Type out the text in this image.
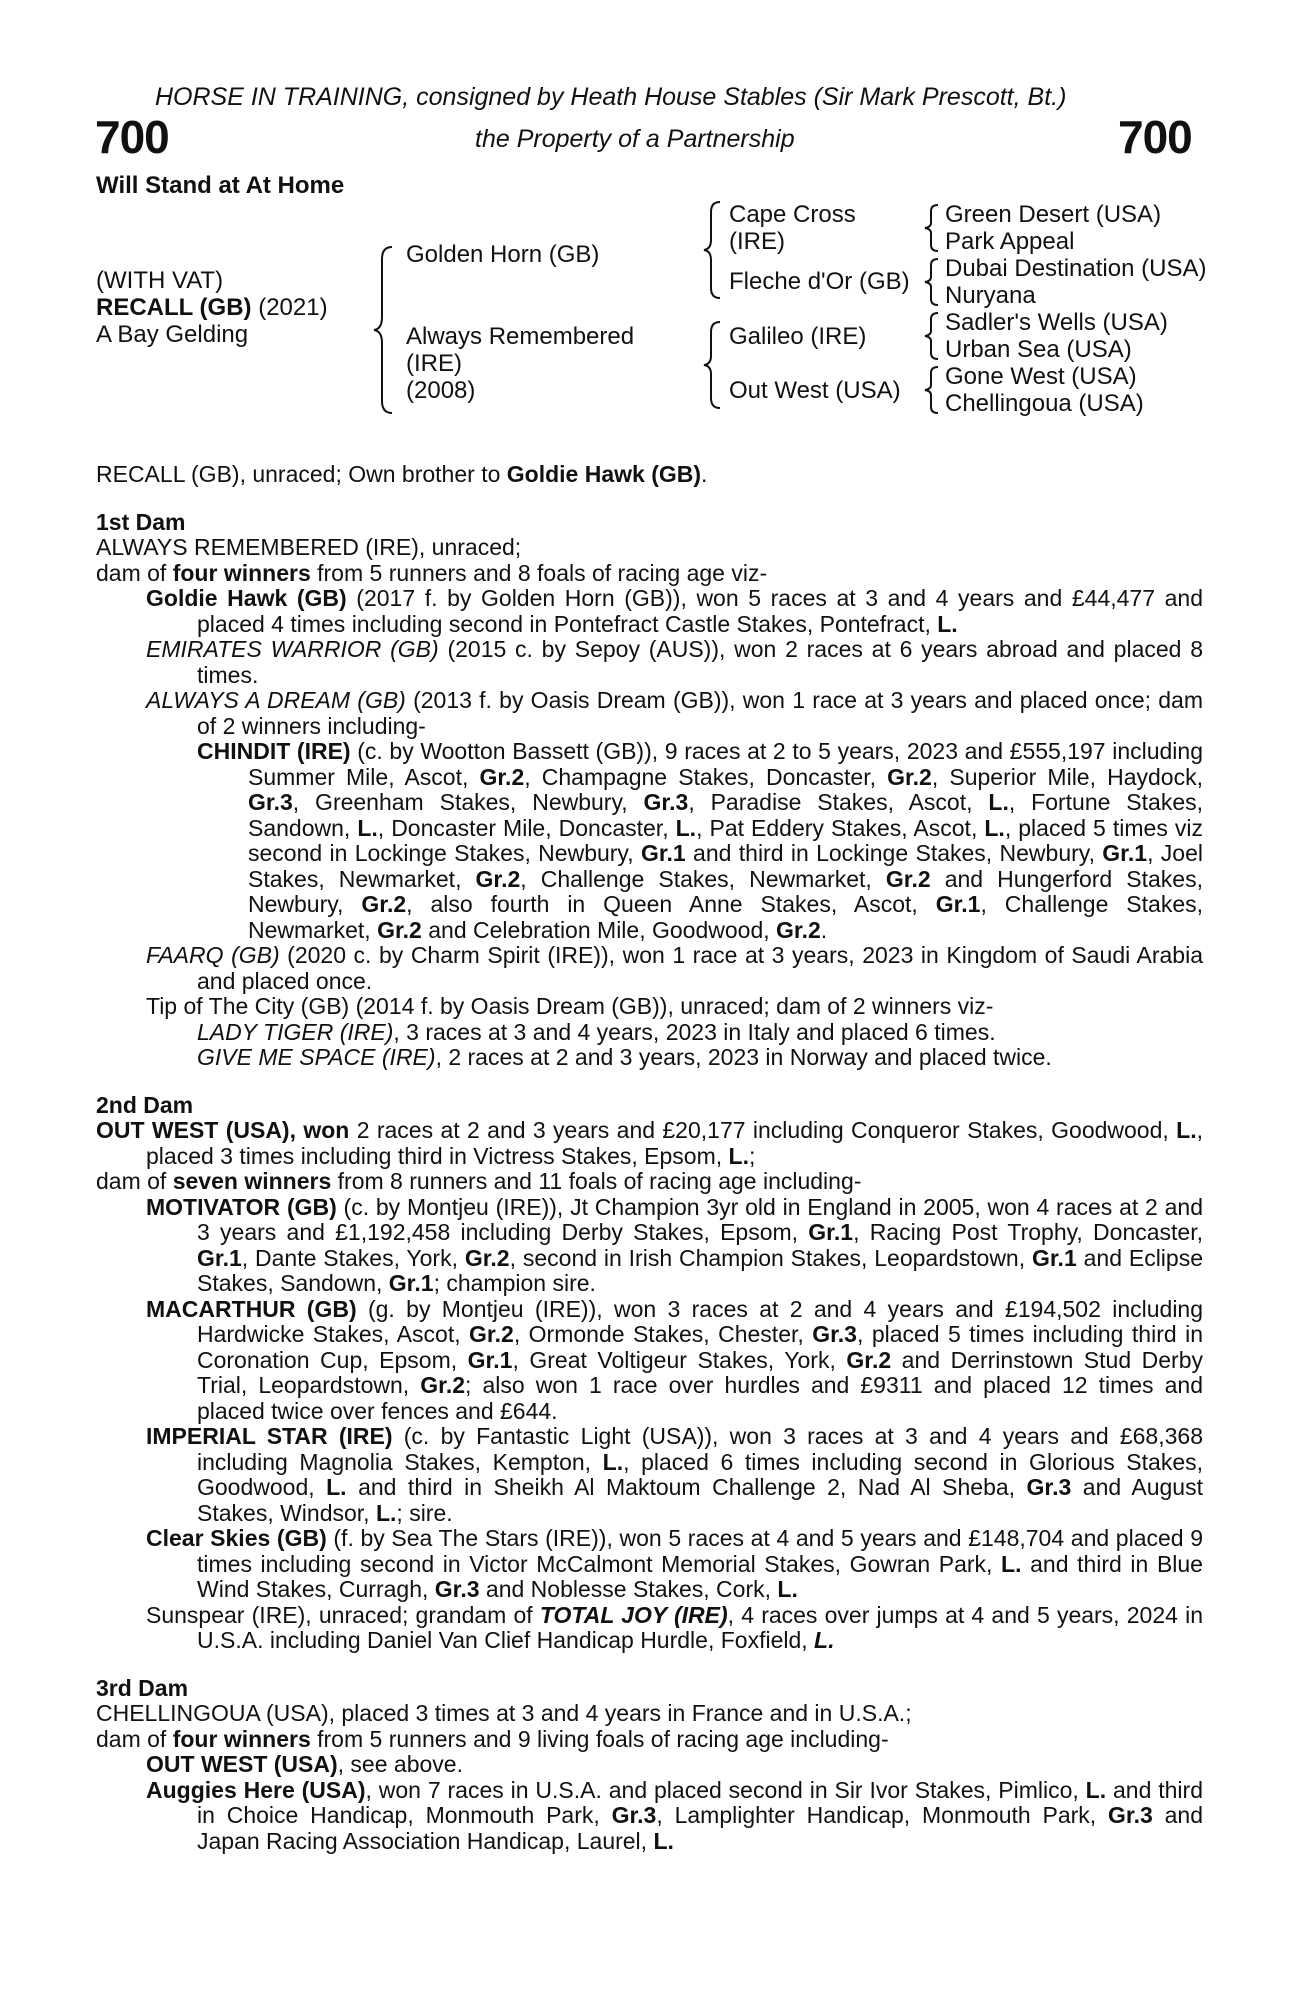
HORSE IN TRAINING, consigned by Heath House Stables (Sir Mark Prescott, Bt.)
700	the Property of a Partnership	700
Will Stand at At Home
(WITH VAT)
RECALL (GB) (2021)
A Bay Gelding
Golden Horn (GB)
Always Remembered
(IRE)
(2008)
Cape Cross
(IRE)
Fleche d'Or (GB)
Galileo (IRE)
Out West (USA)
Green Desert (USA)
Park Appeal
Dubai Destination (USA)
Nuryana
Sadler's Wells (USA)
Urban Sea (USA)
Gone West (USA)
Chellingoua (USA)

RECALL (GB), unraced; Own brother to Goldie Hawk (GB).

1st Dam

ALWAYS REMEMBERED (IRE), unraced;

dam of four winners from 5 runners and 8 foals of racing age viz-

Goldie Hawk (GB) (2017 f. by Golden Horn (GB)), won 5 races at 3 and 4 years and £44,477 and placed 4 times including second in Pontefract Castle Stakes, Pontefract, L.

EMIRATES WARRIOR (GB) (2015 c. by Sepoy (AUS)), won 2 races at 6 years abroad and placed 8 times.

ALWAYS A DREAM (GB) (2013 f. by Oasis Dream (GB)), won 1 race at 3 years and placed once; dam of 2 winners including-

CHINDIT (IRE) (c. by Wootton Bassett (GB)), 9 races at 2 to 5 years, 2023 and £555,197 including Summer Mile, Ascot, Gr.2, Champagne Stakes, Doncaster, Gr.2, Superior Mile, Haydock, Gr.3, Greenham Stakes, Newbury, Gr.3, Paradise Stakes, Ascot, L., Fortune Stakes, Sandown, L., Doncaster Mile, Doncaster, L., Pat Eddery Stakes, Ascot, L., placed 5 times viz second in Lockinge Stakes, Newbury, Gr.1 and third in Lockinge Stakes, Newbury, Gr.1, Joel Stakes, Newmarket, Gr.2, Challenge Stakes, Newmarket, Gr.2 and Hungerford Stakes, Newbury, Gr.2, also fourth in Queen Anne Stakes, Ascot, Gr.1, Challenge Stakes, Newmarket, Gr.2 and Celebration Mile, Goodwood, Gr.2.

FAARQ (GB) (2020 c. by Charm Spirit (IRE)), won 1 race at 3 years, 2023 in Kingdom of Saudi Arabia and placed once.

Tip of The City (GB) (2014 f. by Oasis Dream (GB)), unraced; dam of 2 winners viz-

LADY TIGER (IRE), 3 races at 3 and 4 years, 2023 in Italy and placed 6 times.

GIVE ME SPACE (IRE), 2 races at 2 and 3 years, 2023 in Norway and placed twice.

2nd Dam

OUT WEST (USA), won 2 races at 2 and 3 years and £20,177 including Conqueror Stakes, Goodwood, L., placed 3 times including third in Victress Stakes, Epsom, L.;

dam of seven winners from 8 runners and 11 foals of racing age including-

MOTIVATOR (GB) (c. by Montjeu (IRE)), Jt Champion 3yr old in England in 2005, won 4 races at 2 and 3 years and £1,192,458 including Derby Stakes, Epsom, Gr.1, Racing Post Trophy, Doncaster, Gr.1, Dante Stakes, York, Gr.2, second in Irish Champion Stakes, Leopardstown, Gr.1 and Eclipse Stakes, Sandown, Gr.1; champion sire.

MACARTHUR (GB) (g. by Montjeu (IRE)), won 3 races at 2 and 4 years and £194,502 including Hardwicke Stakes, Ascot, Gr.2, Ormonde Stakes, Chester, Gr.3, placed 5 times including third in Coronation Cup, Epsom, Gr.1, Great Voltigeur Stakes, York, Gr.2 and Derrinstown Stud Derby Trial, Leopardstown, Gr.2; also won 1 race over hurdles and £9311 and placed 12 times and placed twice over fences and £644.

IMPERIAL STAR (IRE) (c. by Fantastic Light (USA)), won 3 races at 3 and 4 years and £68,368 including Magnolia Stakes, Kempton, L., placed 6 times including second in Glorious Stakes, Goodwood, L. and third in Sheikh Al Maktoum Challenge 2, Nad Al Sheba, Gr.3 and August Stakes, Windsor, L.; sire.

Clear Skies (GB) (f. by Sea The Stars (IRE)), won 5 races at 4 and 5 years and £148,704 and placed 9 times including second in Victor McCalmont Memorial Stakes, Gowran Park, L. and third in Blue Wind Stakes, Curragh, Gr.3 and Noblesse Stakes, Cork, L.

Sunspear (IRE), unraced; grandam of TOTAL JOY (IRE), 4 races over jumps at 4 and 5 years, 2024 in U.S.A. including Daniel Van Clief Handicap Hurdle, Foxfield, L.

3rd Dam

CHELLINGOUA (USA), placed 3 times at 3 and 4 years in France and in U.S.A.;

dam of four winners from 5 runners and 9 living foals of racing age including-

OUT WEST (USA), see above.

Auggies Here (USA), won 7 races in U.S.A. and placed second in Sir Ivor Stakes, Pimlico, L. and third in Choice Handicap, Monmouth Park, Gr.3, Lamplighter Handicap, Monmouth Park, Gr.3 and Japan Racing Association Handicap, Laurel, L.
